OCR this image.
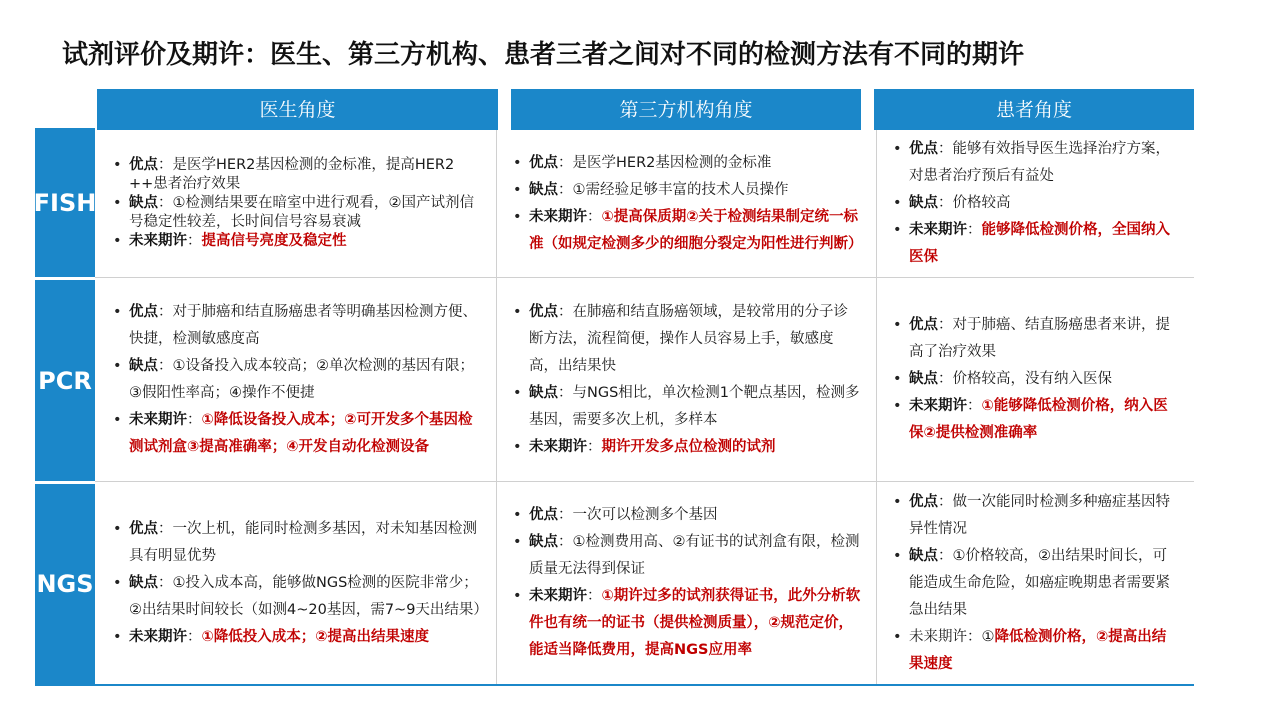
试剂评价及期许：医生、第三方机构、患者三者之间对不同的检测方法有不同的期许
医生角度	第三方机构角度	患者角度
FISH
PCR
NGS
• 优点：是医学HER2基因检测的金标准，提高HER2 ++患者治疗效果
• 缺点：①检测结果要在暗室中进行观看，②国产试剂信号稳定性较差，长时间信号容易衰减
• 未来期许：提高信号亮度及稳定性
• 优点：是医学HER2基因检测的金标准
• 缺点：①需经验足够丰富的技术人员操作
• 未来期许：①提高保质期②关于检测结果制定统一标准（如规定检测多少的细胞分裂定为阳性进行判断）
• 优点：能够有效指导医生选择治疗方案，对患者治疗预后有益处
• 缺点：价格较高
• 未来期许：能够降低检测价格，全国纳入医保
• 优点：对于肺癌和结直肠癌患者等明确基因检测方便、快捷，检测敏感度高
• 缺点：①设备投入成本较高；②单次检测的基因有限；③假阳性率高；④操作不便捷
• 未来期许：①降低设备投入成本；②可开发多个基因检测试剂盒③提高准确率；④开发自动化检测设备
• 优点：在肺癌和结直肠癌领域，是较常用的分子诊断方法，流程简便，操作人员容易上手，敏感度高，出结果快
• 缺点：与NGS相比，单次检测1个靶点基因，检测多基因，需要多次上机，多样本
• 未来期许：期许开发多点位检测的试剂
• 优点：对于肺癌、结直肠癌患者来讲，提高了治疗效果
• 缺点：价格较高，没有纳入医保
• 未来期许：①能够降低检测价格，纳入医保②提供检测准确率
• 优点：一次上机，能同时检测多基因，对未知基因检测具有明显优势
• 缺点：①投入成本高，能够做NGS检测的医院非常少；②出结果时间较长（如测4~20基因，需7~9天出结果）
• 未来期许：①降低投入成本；②提高出结果速度
• 优点：一次可以检测多个基因
• 缺点：①检测费用高、②有证书的试剂盒有限，检测质量无法得到保证
• 未来期许：①期许过多的试剂获得证书，此外分析软件也有统一的证书（提供检测质量），②规范定价，能适当降低费用，提高NGS应用率
• 优点：做一次能同时检测多种癌症基因特异性情况
• 缺点：①价格较高，②出结果时间长，可能造成生命危险，如癌症晚期患者需要紧急出结果
• 未来期许：①降低检测价格，②提高出结果速度
